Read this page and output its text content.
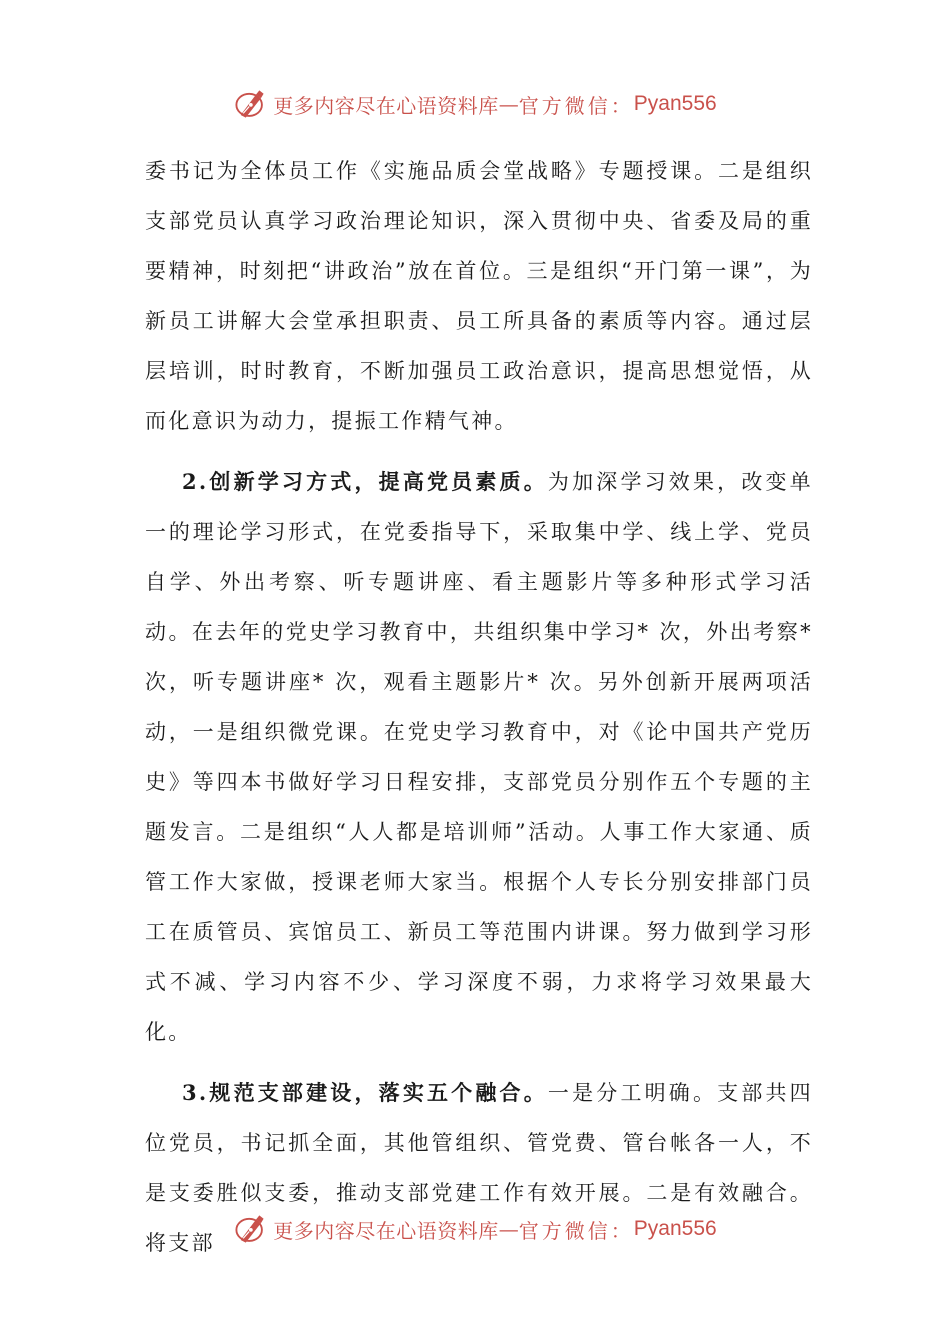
更多内容尽在心语资料库 — 官方微信： Pyan556

委书记为全体员工作《实施品质会堂战略》专题授课。二是组织支部党员认真学习政治理论知识，深入贯彻中央、省委及局的重要精神，时刻把“讲政治”放在首位。三是组织“开门第一课”，为新员工讲解大会堂承担职责、员工所具备的素质等内容。通过层层培训，时时教育，不断加强员工政治意识，提高思想觉悟，从而化意识为动力，提振工作精气神。

2.创新学习方式，提高党员素质。为加深学习效果，改变单一的理论学习形式，在党委指导下，采取集中学、线上学、党员自学、外出考察、听专题讲座、看主题影片等多种形式学习活动。在去年的党史学习教育中，共组织集中学习* 次，外出考察* 次，听专题讲座* 次，观看主题影片* 次。另外创新开展两项活动，一是组织微党课。在党史学习教育中，对《论中国共产党历史》等四本书做好学习日程安排，支部党员分别作五个专题的主题发言。二是组织“人人都是培训师”活动。人事工作大家通、质管工作大家做，授课老师大家当。根据个人专长分别安排部门员工在质管员、宾馆员工、新员工等范围内讲课。努力做到学习形式不减、学习内容不少、学习深度不弱，力求将学习效果最大化。

3.规范支部建设，落实五个融合。一是分工明确。支部共四位党员，书记抓全面，其他管组织、管党费、管台帐各一人，不是支委胜似支委，推动支部党建工作有效开展。二是有效融合。将支部

更多内容尽在心语资料库 — 官方微信： Pyan556
